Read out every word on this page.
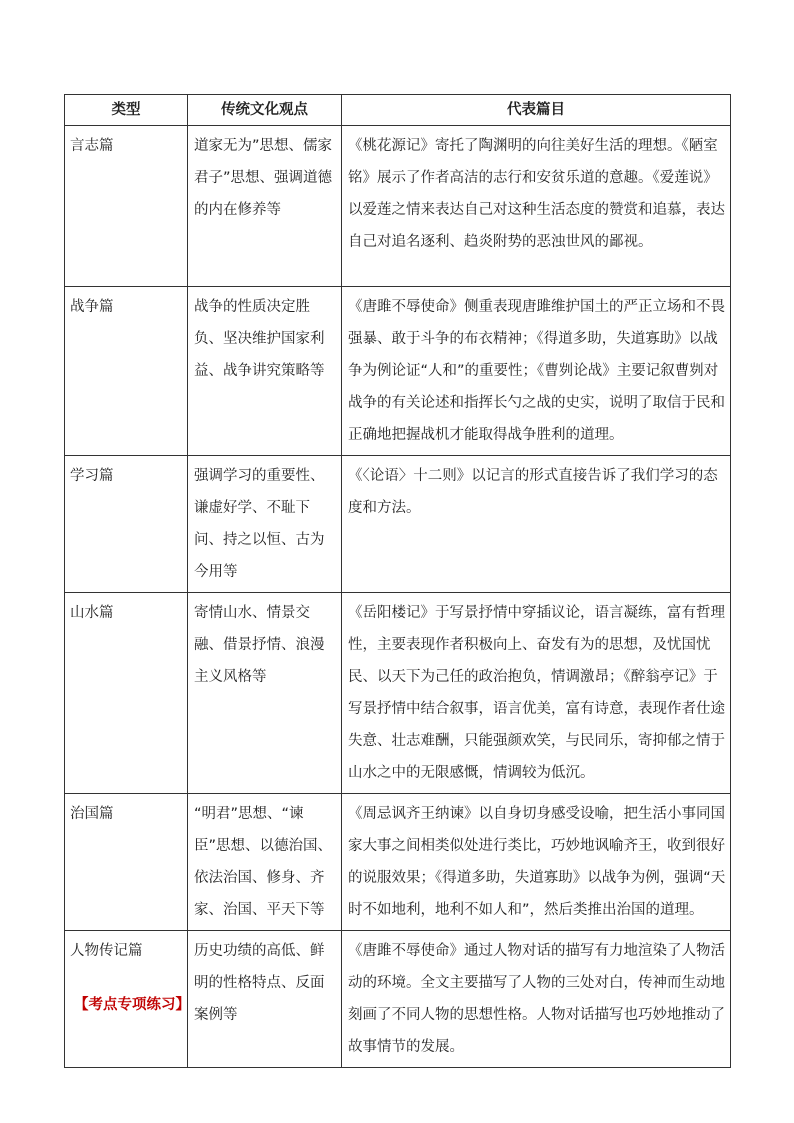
类型	传统文化观点	代表篇目
言志篇	道家无为”思想、儒家君子”思想、强调道德的内在修养等	《桃花源记》寄托了陶渊明的向往美好生活的理想。《陋室铭》展示了作者高洁的志行和安贫乐道的意趣。《爱莲说》以爱莲之情来表达自己对这种生活态度的赞赏和追慕，表达自己对追名逐利、趋炎附势的恶浊世风的鄙视。
战争篇	战争的性质决定胜负、坚决维护国家利益、战争讲究策略等	《唐雎不辱使命》侧重表现唐雎维护国土的严正立场和不畏强暴、敢于斗争的布衣精神；《得道多助，失道寡助》以战争为例论证“人和”的重要性；《曹刿论战》主要记叙曹刿对战争的有关论述和指挥长勺之战的史实，说明了取信于民和正确地把握战机才能取得战争胜利的道理。
学习篇	强调学习的重要性、谦虚好学、不耻下问、持之以恒、古为今用等	《〈论语〉十二则》以记言的形式直接告诉了我们学习的态度和方法。
山水篇	寄情山水、情景交融、借景抒情、浪漫主义风格等	《岳阳楼记》于写景抒情中穿插议论，语言凝练，富有哲理性，主要表现作者积极向上、奋发有为的思想，及忧国忧民、以天下为己任的政治抱负，情调激昂；《醉翁亭记》于写景抒情中结合叙事，语言优美，富有诗意，表现作者仕途失意、壮志难酬，只能强颜欢笑，与民同乐，寄抑郁之情于山水之中的无限感慨，情调较为低沉。
治国篇	“明君”思想、“谏臣”思想、以德治国、依法治国、修身、齐家、治国、平天下等	《周忌讽齐王纳谏》以自身切身感受设喻，把生活小事同国家大事之间相类似处进行类比，巧妙地讽喻齐王，收到很好的说服效果；《得道多助，失道寡助》以战争为例，强调“天时不如地利，地利不如人和”，然后类推出治国的道理。
人物传记篇	历史功绩的高低、鲜明的性格特点、反面案例等	《唐雎不辱使命》通过人物对话的描写有力地渲染了人物活动的环境。全文主要描写了人物的三处对白，传神而生动地刻画了不同人物的思想性格。人物对话描写也巧妙地推动了故事情节的发展。
【考点专项练习】
